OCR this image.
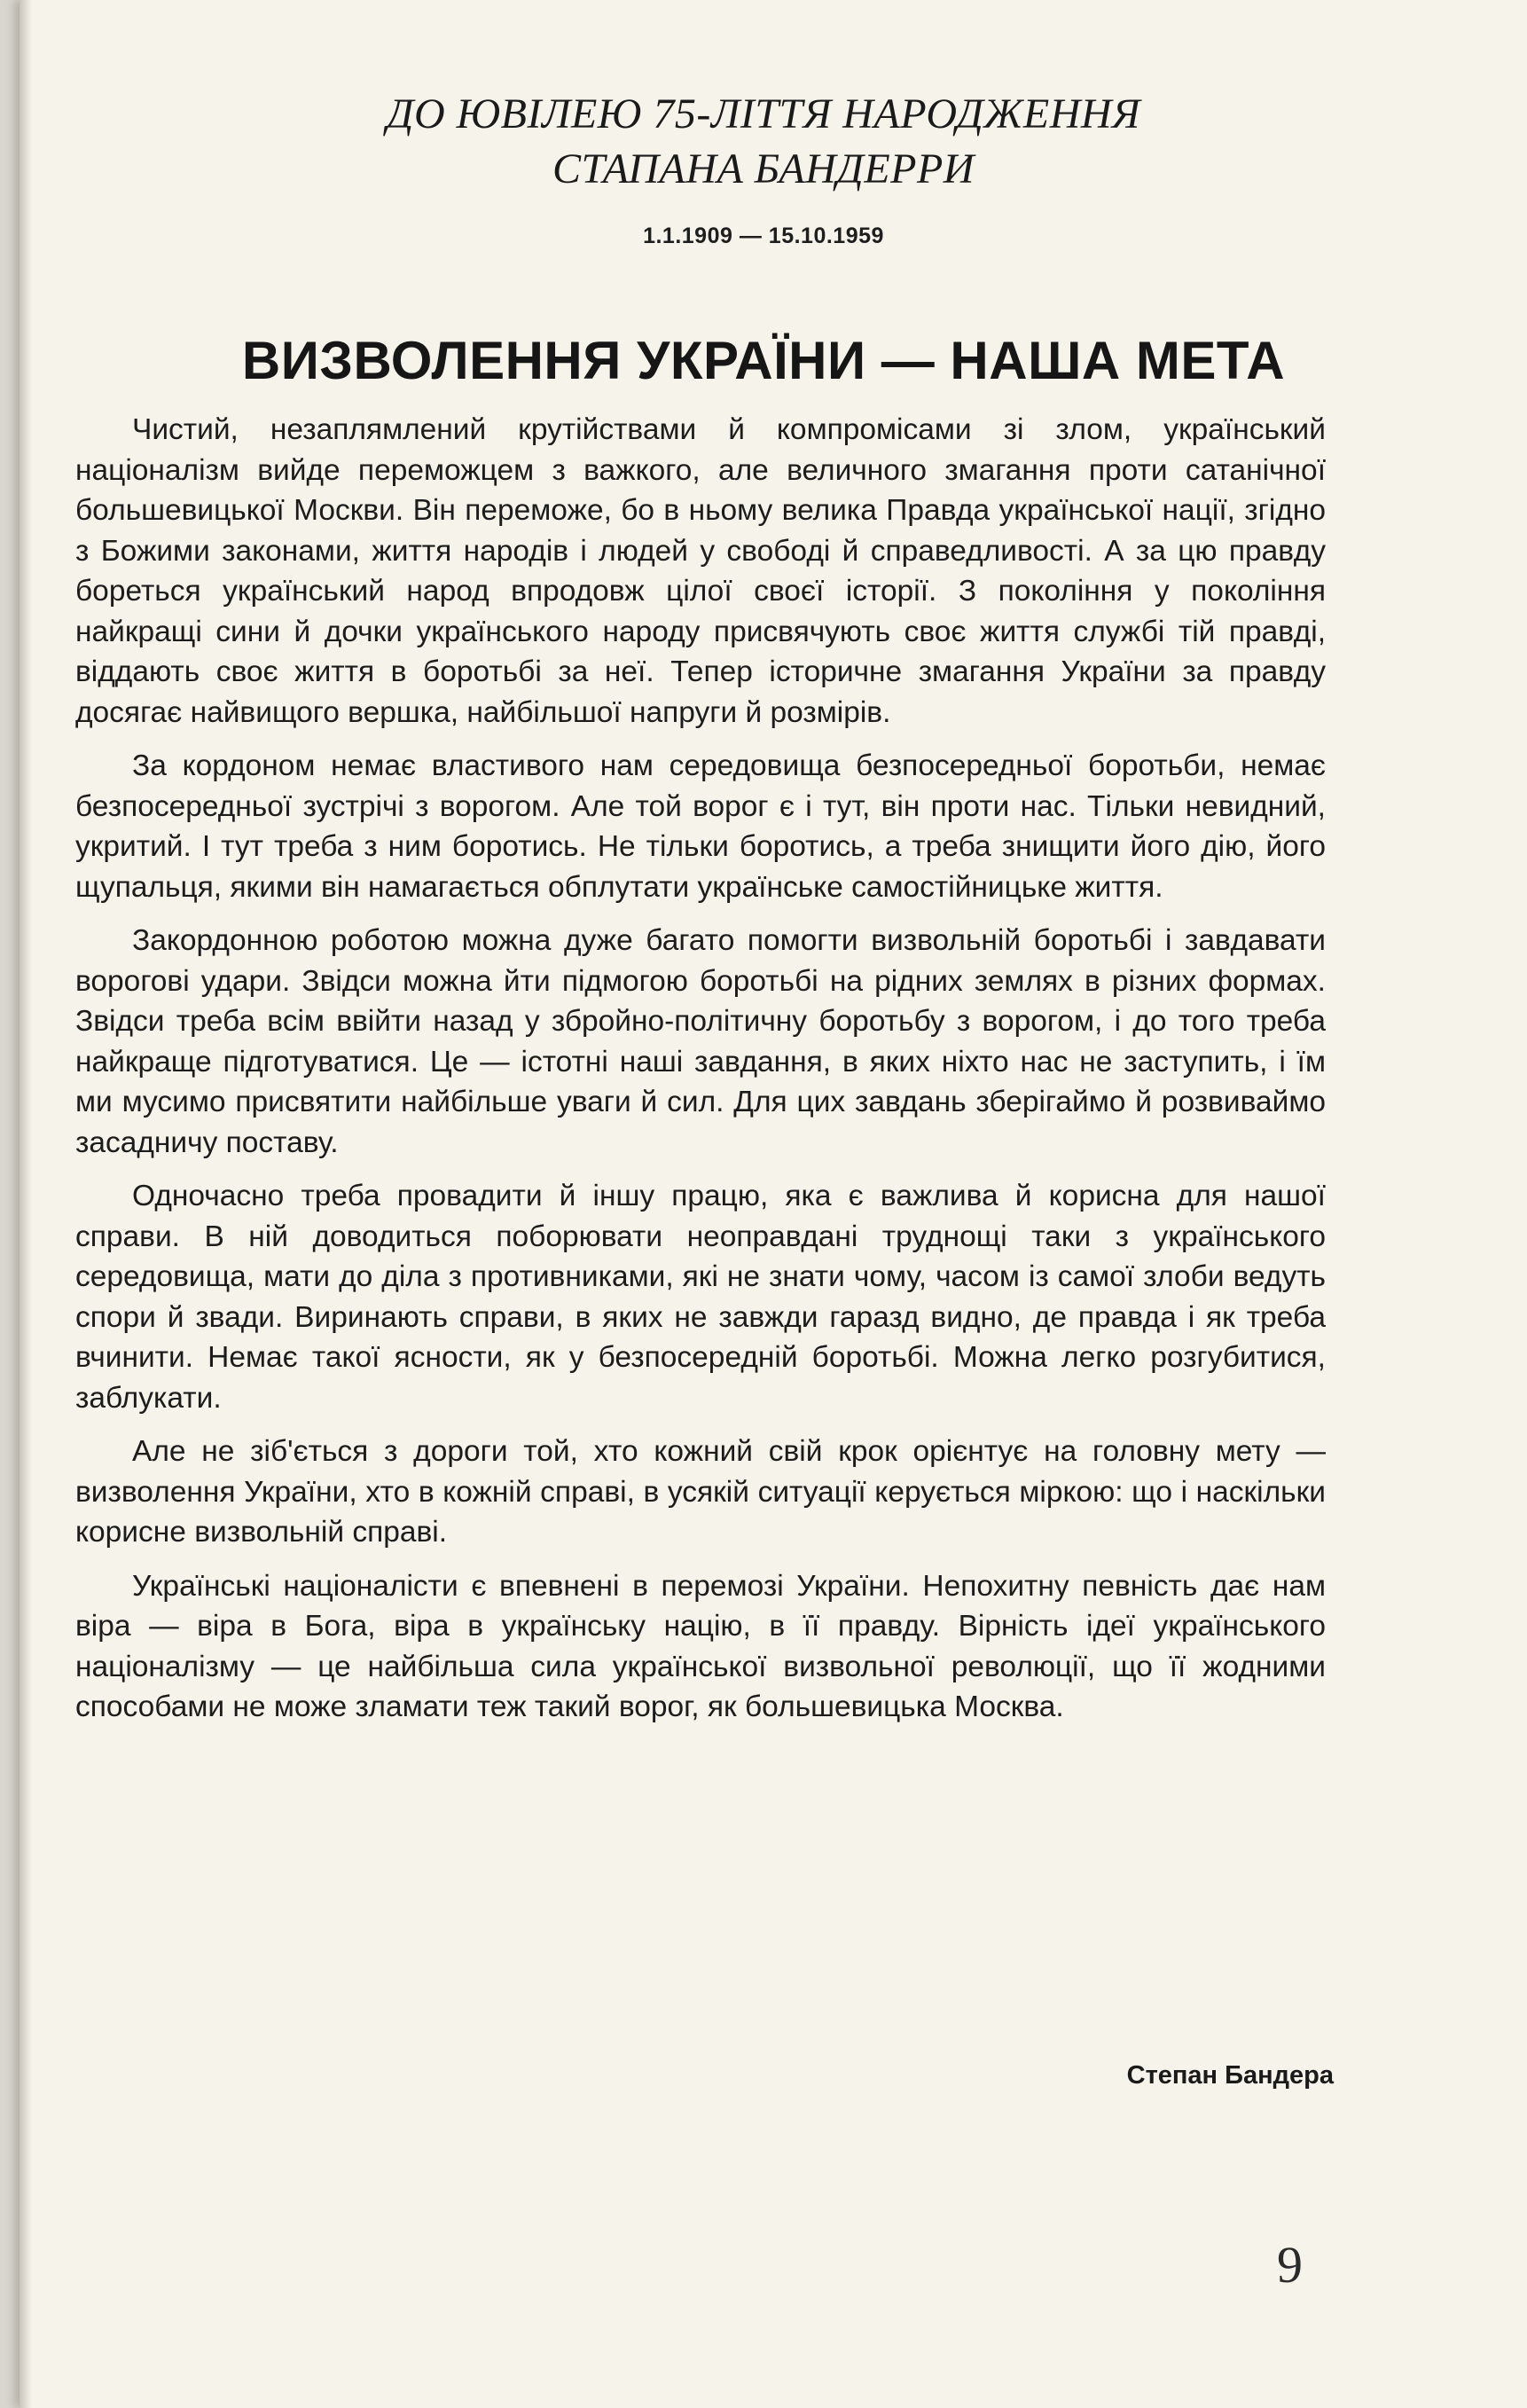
ДО ЮВІЛЕЮ 75-ЛІТТЯ НАРОДЖЕННЯ
СТАПАНА БАНДЕРРИ
1.1.1909 — 15.10.1959
ВИЗВОЛЕННЯ УКРАЇНИ — НАША МЕТА

Чистий, незаплямлений крутійствами й компромісами зі злом, український націоналізм вийде переможцем з важкого, але величного змагання проти сатанічної большевицької Москви. Він переможе, бо в ньому велика Правда української нації, згідно з Божими законами, життя народів і людей у свободі й справедливості. А за цю правду бореться український народ впродовж цілої своєї історії. З покоління у покоління найкращі сини й дочки українського народу присвячують своє життя службі тій правді, віддають своє життя в боротьбі за неї. Тепер історичне змагання України за правду досягає найвищого вершка, найбільшої напруги й розмірів.

За кордоном немає властивого нам середовища безпосередньої боротьби, немає безпосередньої зустрічі з ворогом. Але той ворог є і тут, він проти нас. Тільки невидний, укритий. І тут треба з ним боротись. Не тільки боротись, а треба знищити його дію, його щупальця, якими він намагається обплутати українське самостійницьке життя.

Закордонною роботою можна дуже багато помогти визвольній боротьбі і завдавати ворогові удари. Звідси можна йти підмогою боротьбі на рідних землях в різних формах. Звідси треба всім ввійти назад у збройно-політичну боротьбу з ворогом, і до того треба найкраще підготуватися. Це — істотні наші завдання, в яких ніхто нас не заступить, і їм ми мусимо присвятити найбільше уваги й сил. Для цих завдань зберігаймо й розвиваймо засадничу поставу.

Одночасно треба провадити й іншу працю, яка є важлива й корисна для нашої справи. В ній доводиться поборювати неоправдані труднощі таки з українського середовища, мати до діла з противниками, які не знати чому, часом із самої злоби ведуть спори й звади. Виринають справи, в яких не завжди гаразд видно, де правда і як треба вчинити. Немає такої ясности, як у безпосередній боротьбі. Можна легко розгубитися, заблукати.

Але не зіб'ється з дороги той, хто кожний свій крок орієнтує на головну мету — визволення України, хто в кожній справі, в усякій ситуації керується міркою: що і наскільки корисне визвольній справі.

Українські націоналісти є впевнені в перемозі України. Непохитну певність дає нам віра — віра в Бога, віра в українську націю, в її правду. Вірність ідеї українського націоналізму — це найбільша сила української визвольної революції, що її жодними способами не може зламати теж такий ворог, як большевицька Москва.

Степан Бандера
9
